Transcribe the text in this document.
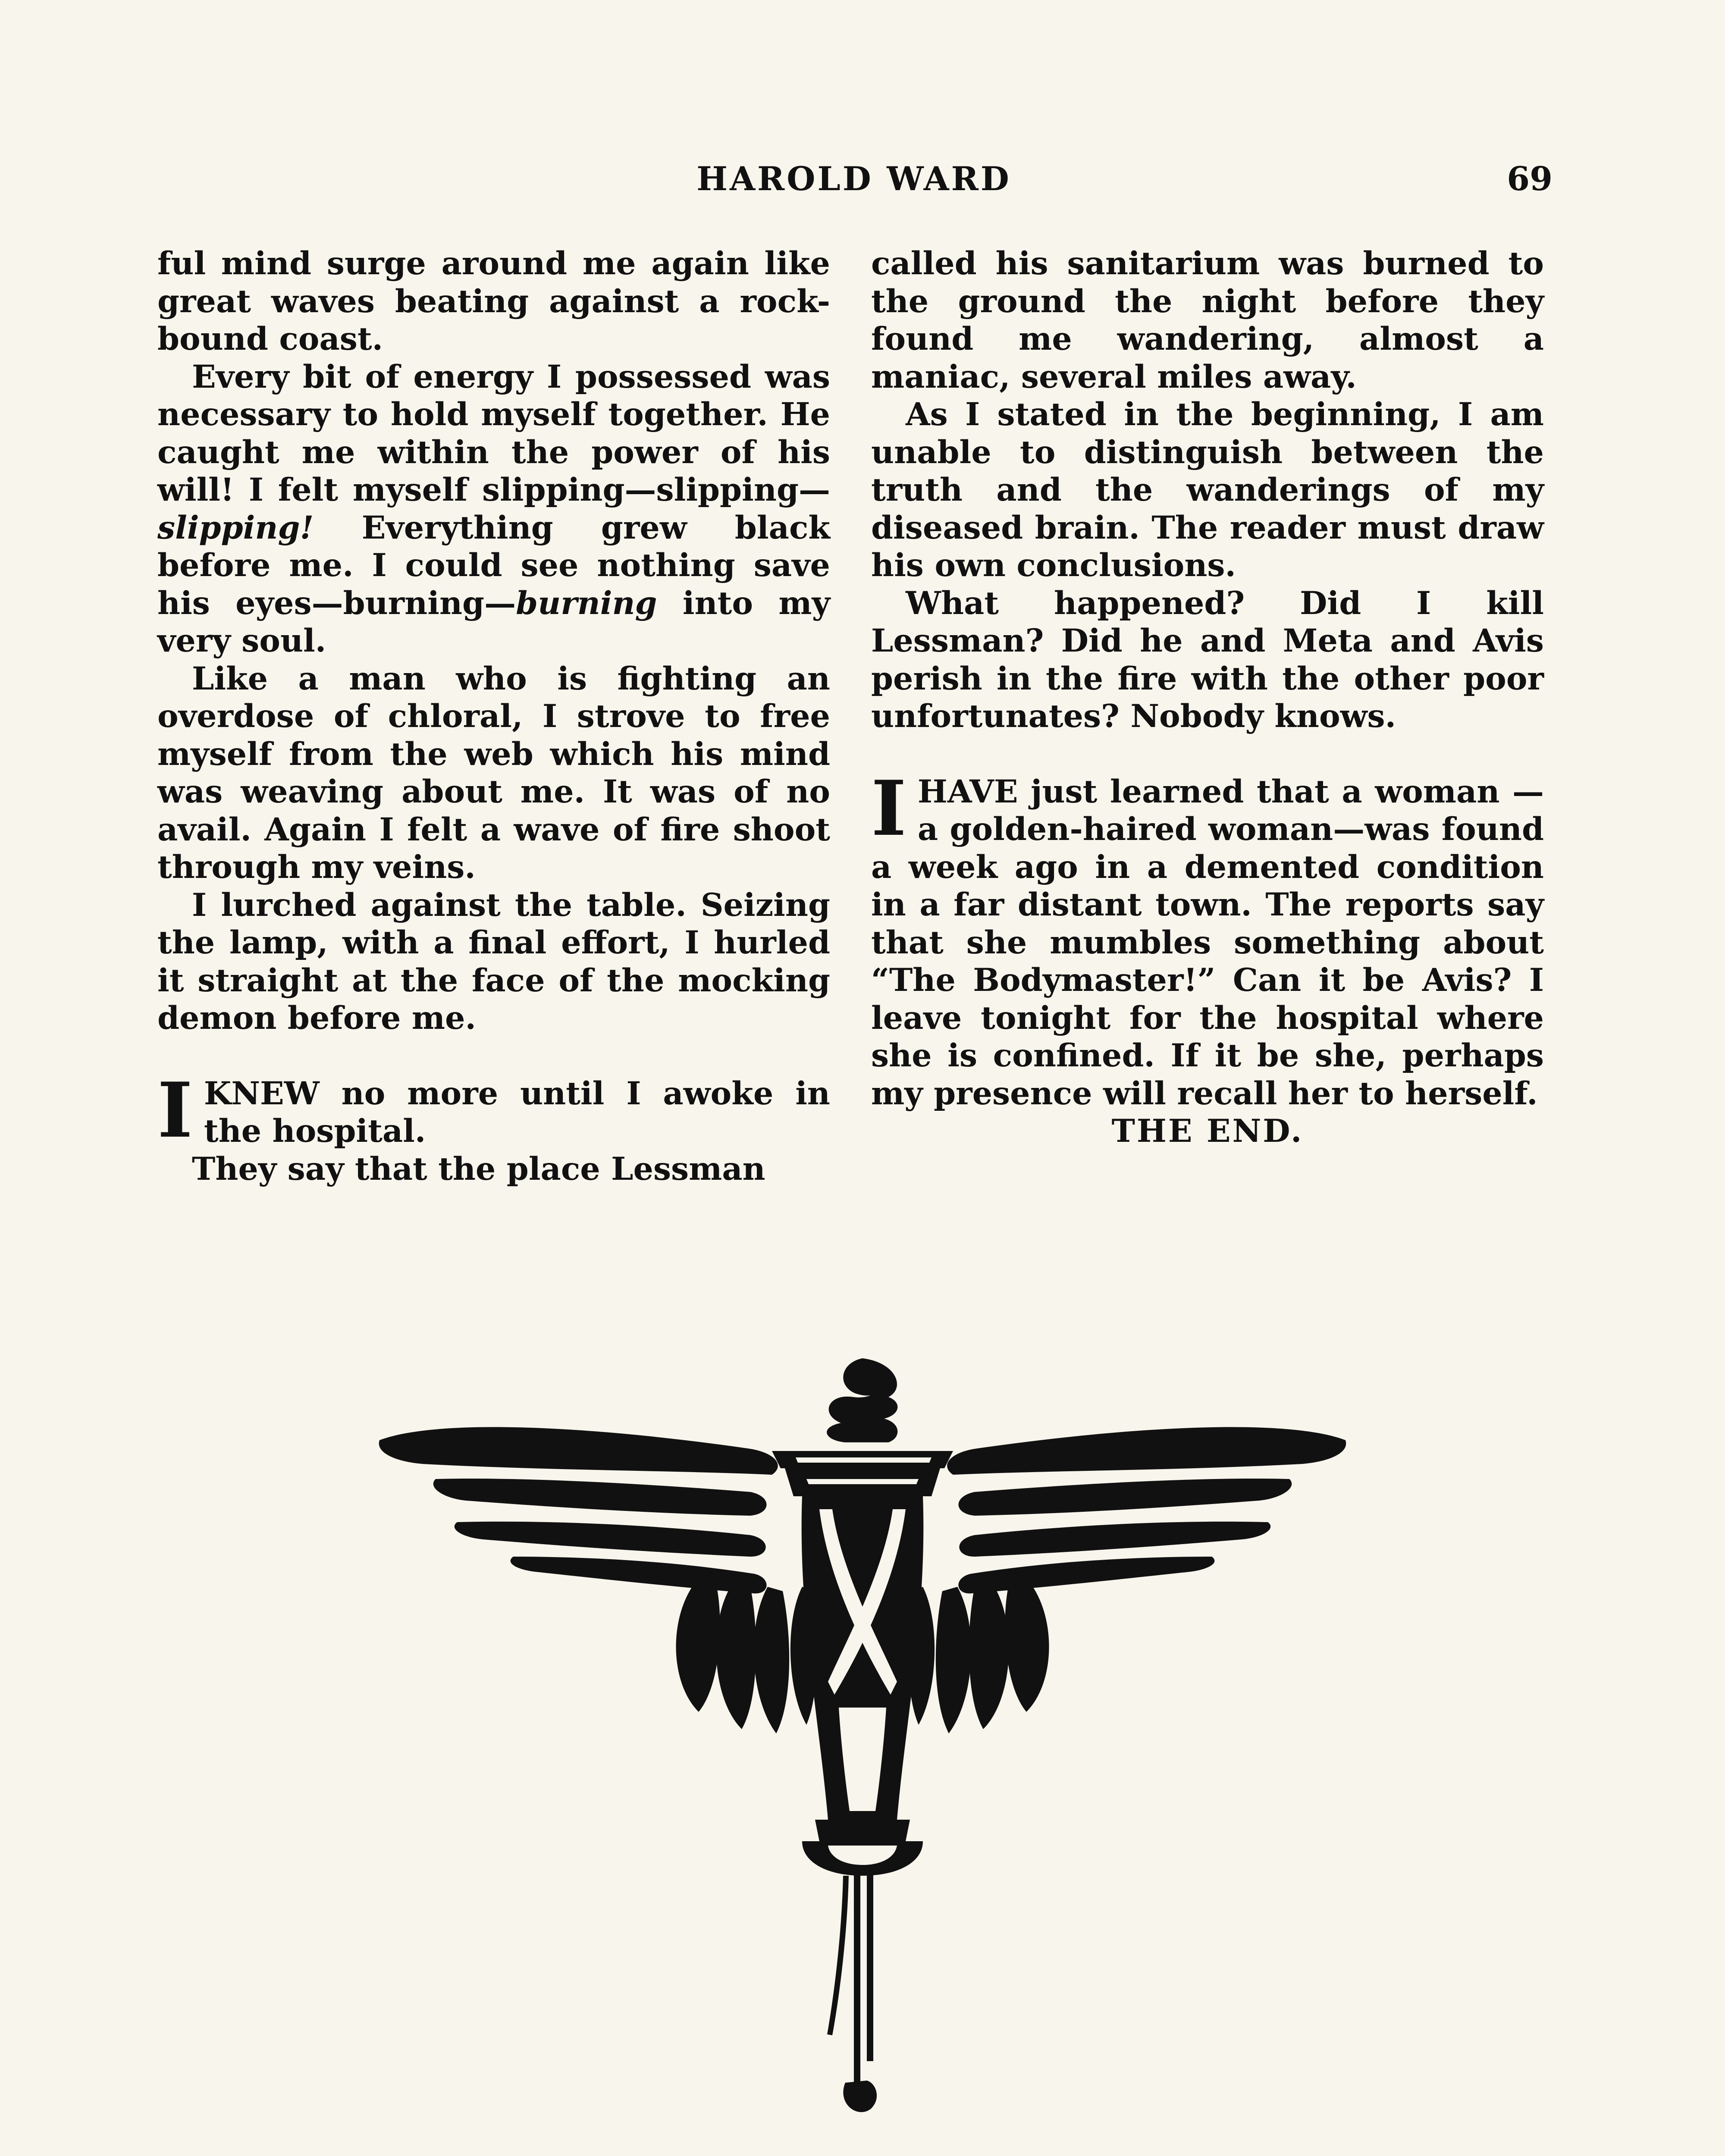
HAROLD WARD	69

ful mind surge around me again like great waves beating against a rock-bound coast.

Every bit of energy I possessed was necessary to hold myself together. He caught me within the power of his will! I felt myself slipping—slipping—slipping! Everything grew black before me. I could see nothing save his eyes—burning—burning into my very soul.

Like a man who is fighting an overdose of chloral, I strove to free myself from the web which his mind was weaving about me. It was of no avail. Again I felt a wave of fire shoot through my veins.

I lurched against the table. Seizing the lamp, with a final effort, I hurled it straight at the face of the mocking demon before me.

IKNEW no more until I awoke in the hospital.

They say that the place Lessman

called his sanitarium was burned to the ground the night before they found me wandering, almost a maniac, several miles away.

As I stated in the beginning, I am unable to distinguish between the truth and the wanderings of my diseased brain. The reader must draw his own conclusions.

What happened? Did I kill Lessman? Did he and Meta and Avis perish in the fire with the other poor unfortunates? Nobody knows.

IHAVE just learned that a woman —a golden-haired woman—was found a week ago in a demented condition in a far distant town. The reports say that she mumbles something about “The Bodymaster!” Can it be Avis? I leave tonight for the hospital where she is confined. If it be she, perhaps my presence will recall her to herself.

THE END.
